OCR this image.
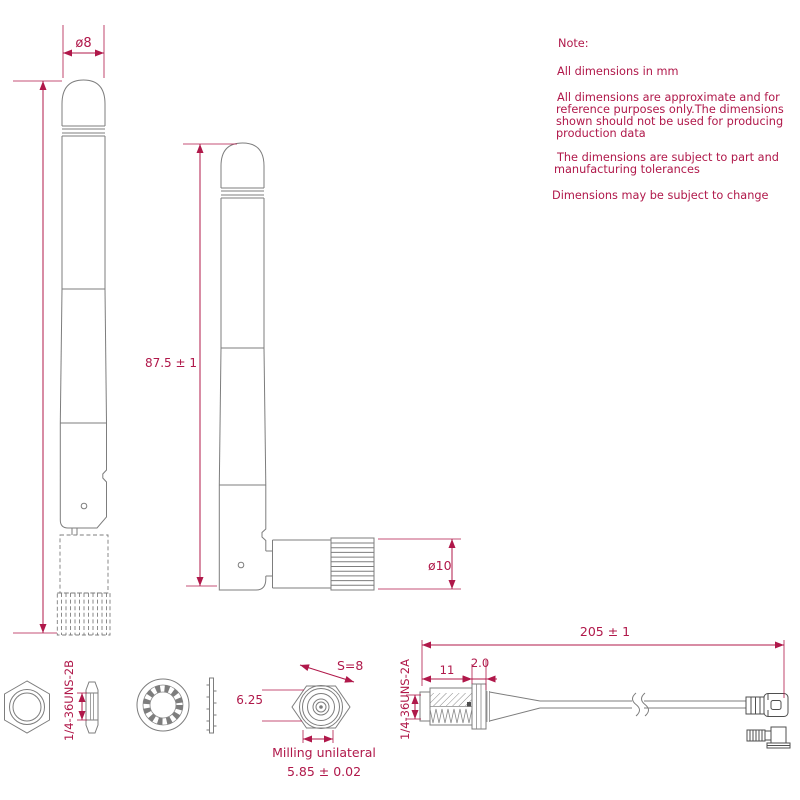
ø8
87.5 ± 1
ø10
1/4-36UNS-2B	S=8
6.25
Milling unilateral
5.85 ± 0.02
205 ± 1
11 2.0
1/4-36UNS-2A
Note:
All dimensions in mm
All dimensions are approximate and for
reference purposes only.The dimensions
shown should not be used for producing
production data
The dimensions are subject to part and
manufacturing tolerances
Dimensions may be subject to change
